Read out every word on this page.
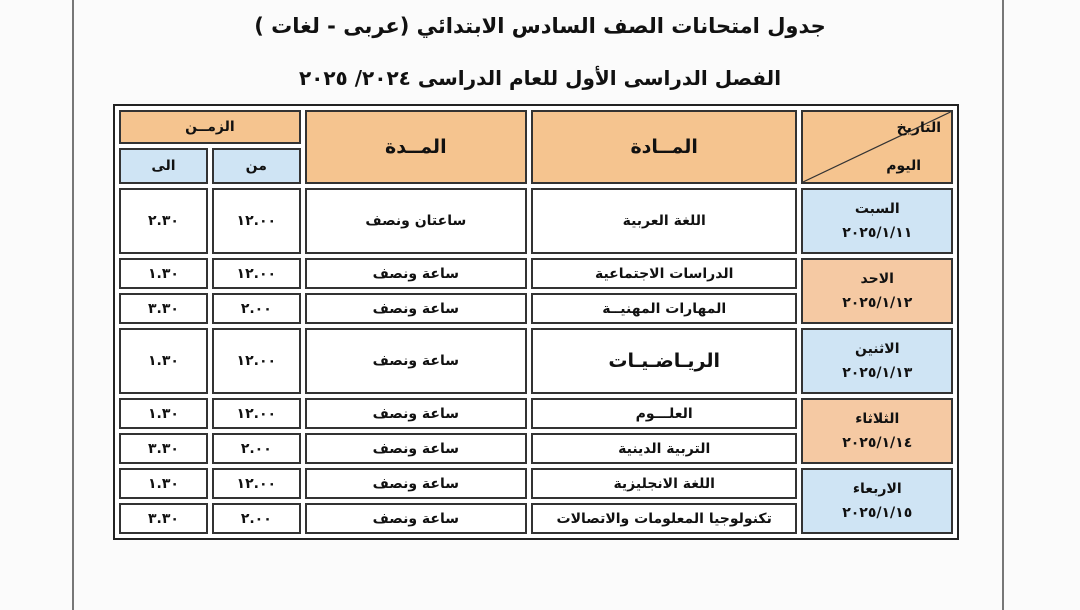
جدول امتحانات الصف السادس الابتدائي (عربى - لغات )
الفصل الدراسى الأول للعام الدراسى ٢٠٢٤/ ٢٠٢٥
الزمــن		المــدة	المــادة	التاريخ
اليوم

الى	من			
٢.٣٠	١٢.٠٠	ساعتان ونصف	اللغة العربية	السبت
٢٠٢٥/١/١١

١.٣٠	١٢.٠٠	ساعة ونصف	الدراسات الاجتماعية	الاحد
٢٠٢٥/١/١٢

٣.٣٠	٢.٠٠	ساعة ونصف	المهارات المهنيــة	
١.٣٠	١٢.٠٠	ساعة ونصف	الريـاضـيـات	الاثنين
٢٠٢٥/١/١٣

١.٣٠	١٢.٠٠	ساعة ونصف	العلـــوم	الثلاثاء
٢٠٢٥/١/١٤

٣.٣٠	٢.٠٠	ساعة ونصف	التربية الدينية	
١.٣٠	١٢.٠٠	ساعة ونصف	اللغة الانجليزية	الاربعاء
٢٠٢٥/١/١٥

٣.٣٠	٢.٠٠	ساعة ونصف	تكنولوجيا المعلومات والاتصالات	
